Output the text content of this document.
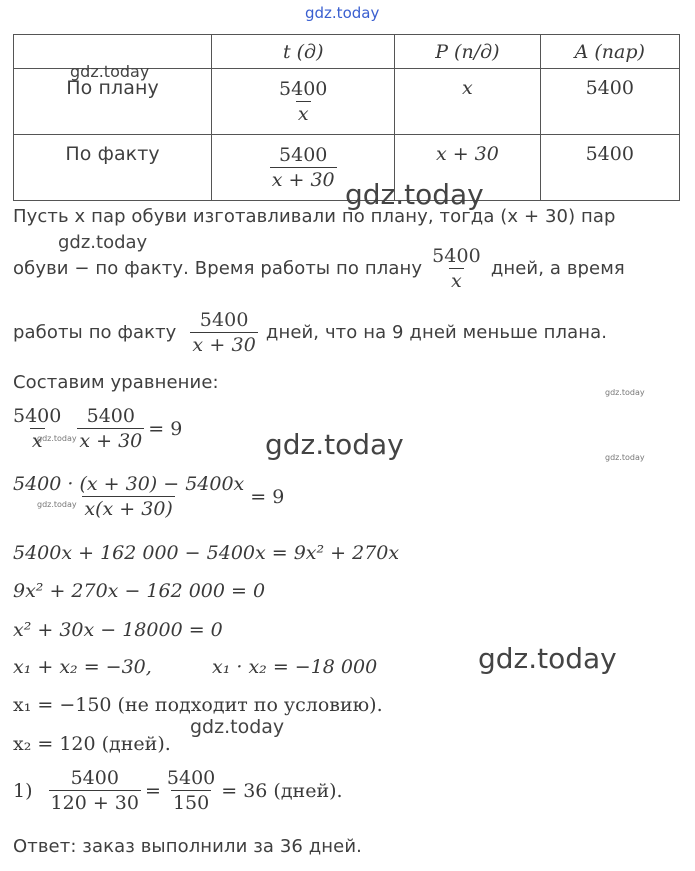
gdz.today
	t (д)	P (п/д)	A (пар)
По плану	$\frac{5400}{x}$	x	5400
По факту	$\frac{5400}{x + 30}$	x + 30	5400
Пусть x пар обуви изготавливали по плану, тогда (x + 30) пар
обуви − по факту. Время работы по плану $\frac{5400}{x}$ дней, а время
работы по факту $\frac{5400}{x + 30}$ дней, что на 9 дней меньше плана.
Составим уравнение:
$\frac{5400}{x} \frac{5400}{x + 30} = 9$
$\frac{5400 \cdot (x + 30) - 5400x}{x(x + 30)} = 9$
5400x + 162 000 − 5400x = 9x² + 270x
9x² + 270x − 162 000 = 0
x² + 30x − 18000 = 0
x₁ + x₂ = −30,	x₁ · x₂ = −18 000
x₁ = −150 (не подходит по условию).
x₂ = 120 (дней).
$1) \frac{5400}{120 + 30} = \frac{5400}{150} = 36$ (дней).
Ответ: заказ выполнили за 36 дней.
gdz.today
gdz.today
gdz.today
gdz.today
gdz.today	gdz.today	gdz.today
gdz.today
gdz.today
gdz.today
